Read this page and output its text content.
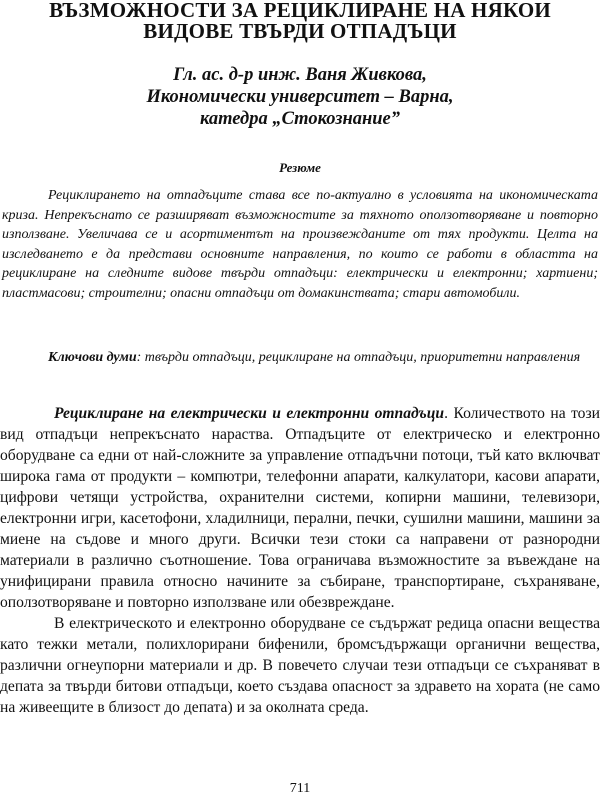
ВЪЗМОЖНОСТИ ЗА РЕЦИКЛИРАНЕ НА НЯКОИ
ВИДОВЕ ТВЪРДИ ОТПАДЪЦИ
Гл. ас. д-р инж. Ваня Живкова,
Икономически университет – Варна,
катедра „Стокознание”
Резюме

Рециклирането на отпадъците става все по-актуално в условията на икономическата криза. Непрекъснато се разширяват възможностите за тяхното оползотворяване и повторно използване. Увеличава се и асортиментът на произвежданите от тях продукти. Целта на изследването е да представи основните направления, по които се работи в областта на рециклиране на следните видове твърди отпадъци: електрически и електронни; хартиени; пластмасови; строителни; опасни отпадъци от домакинствата; стари автомобили.

Ключови думи: твърди отпадъци, рециклиране на отпадъци, приоритетни направления

Рециклиране на електрически и електронни отпадъци. Количеството на този вид отпадъци непрекъснато нараства. Отпадъците от електрическо и електронно оборудване са едни от най-сложните за управление отпадъчни потоци, тъй като включват широка гама от продукти – компютри, телефонни апарати, калкулатори, касови апарати, цифрови четящи устройства, охранителни системи, копирни машини, телевизори, електронни игри, касетофони, хладилници, перални, печки, сушилни машини, машини за миене на съдове и много други. Всички тези стоки са направени от разнородни материали в различно съотношение. Това ограничава възможностите за въвеждане на унифицирани правила относно начините за събиране, транспортиране, съхраняване, оползотворяване и повторно използване или обезвреждане.

В електрическото и електронно оборудване се съдържат редица опасни вещества като тежки метали, полихлорирани бифенили, бромсъдържащи органични вещества, различни огнеупорни материали и др. В повечето случаи тези отпадъци се съхраняват в депата за твърди битови отпадъци, което създава опасност за здравето на хората (не само на живеещите в близост до депата) и за околната среда.

711
